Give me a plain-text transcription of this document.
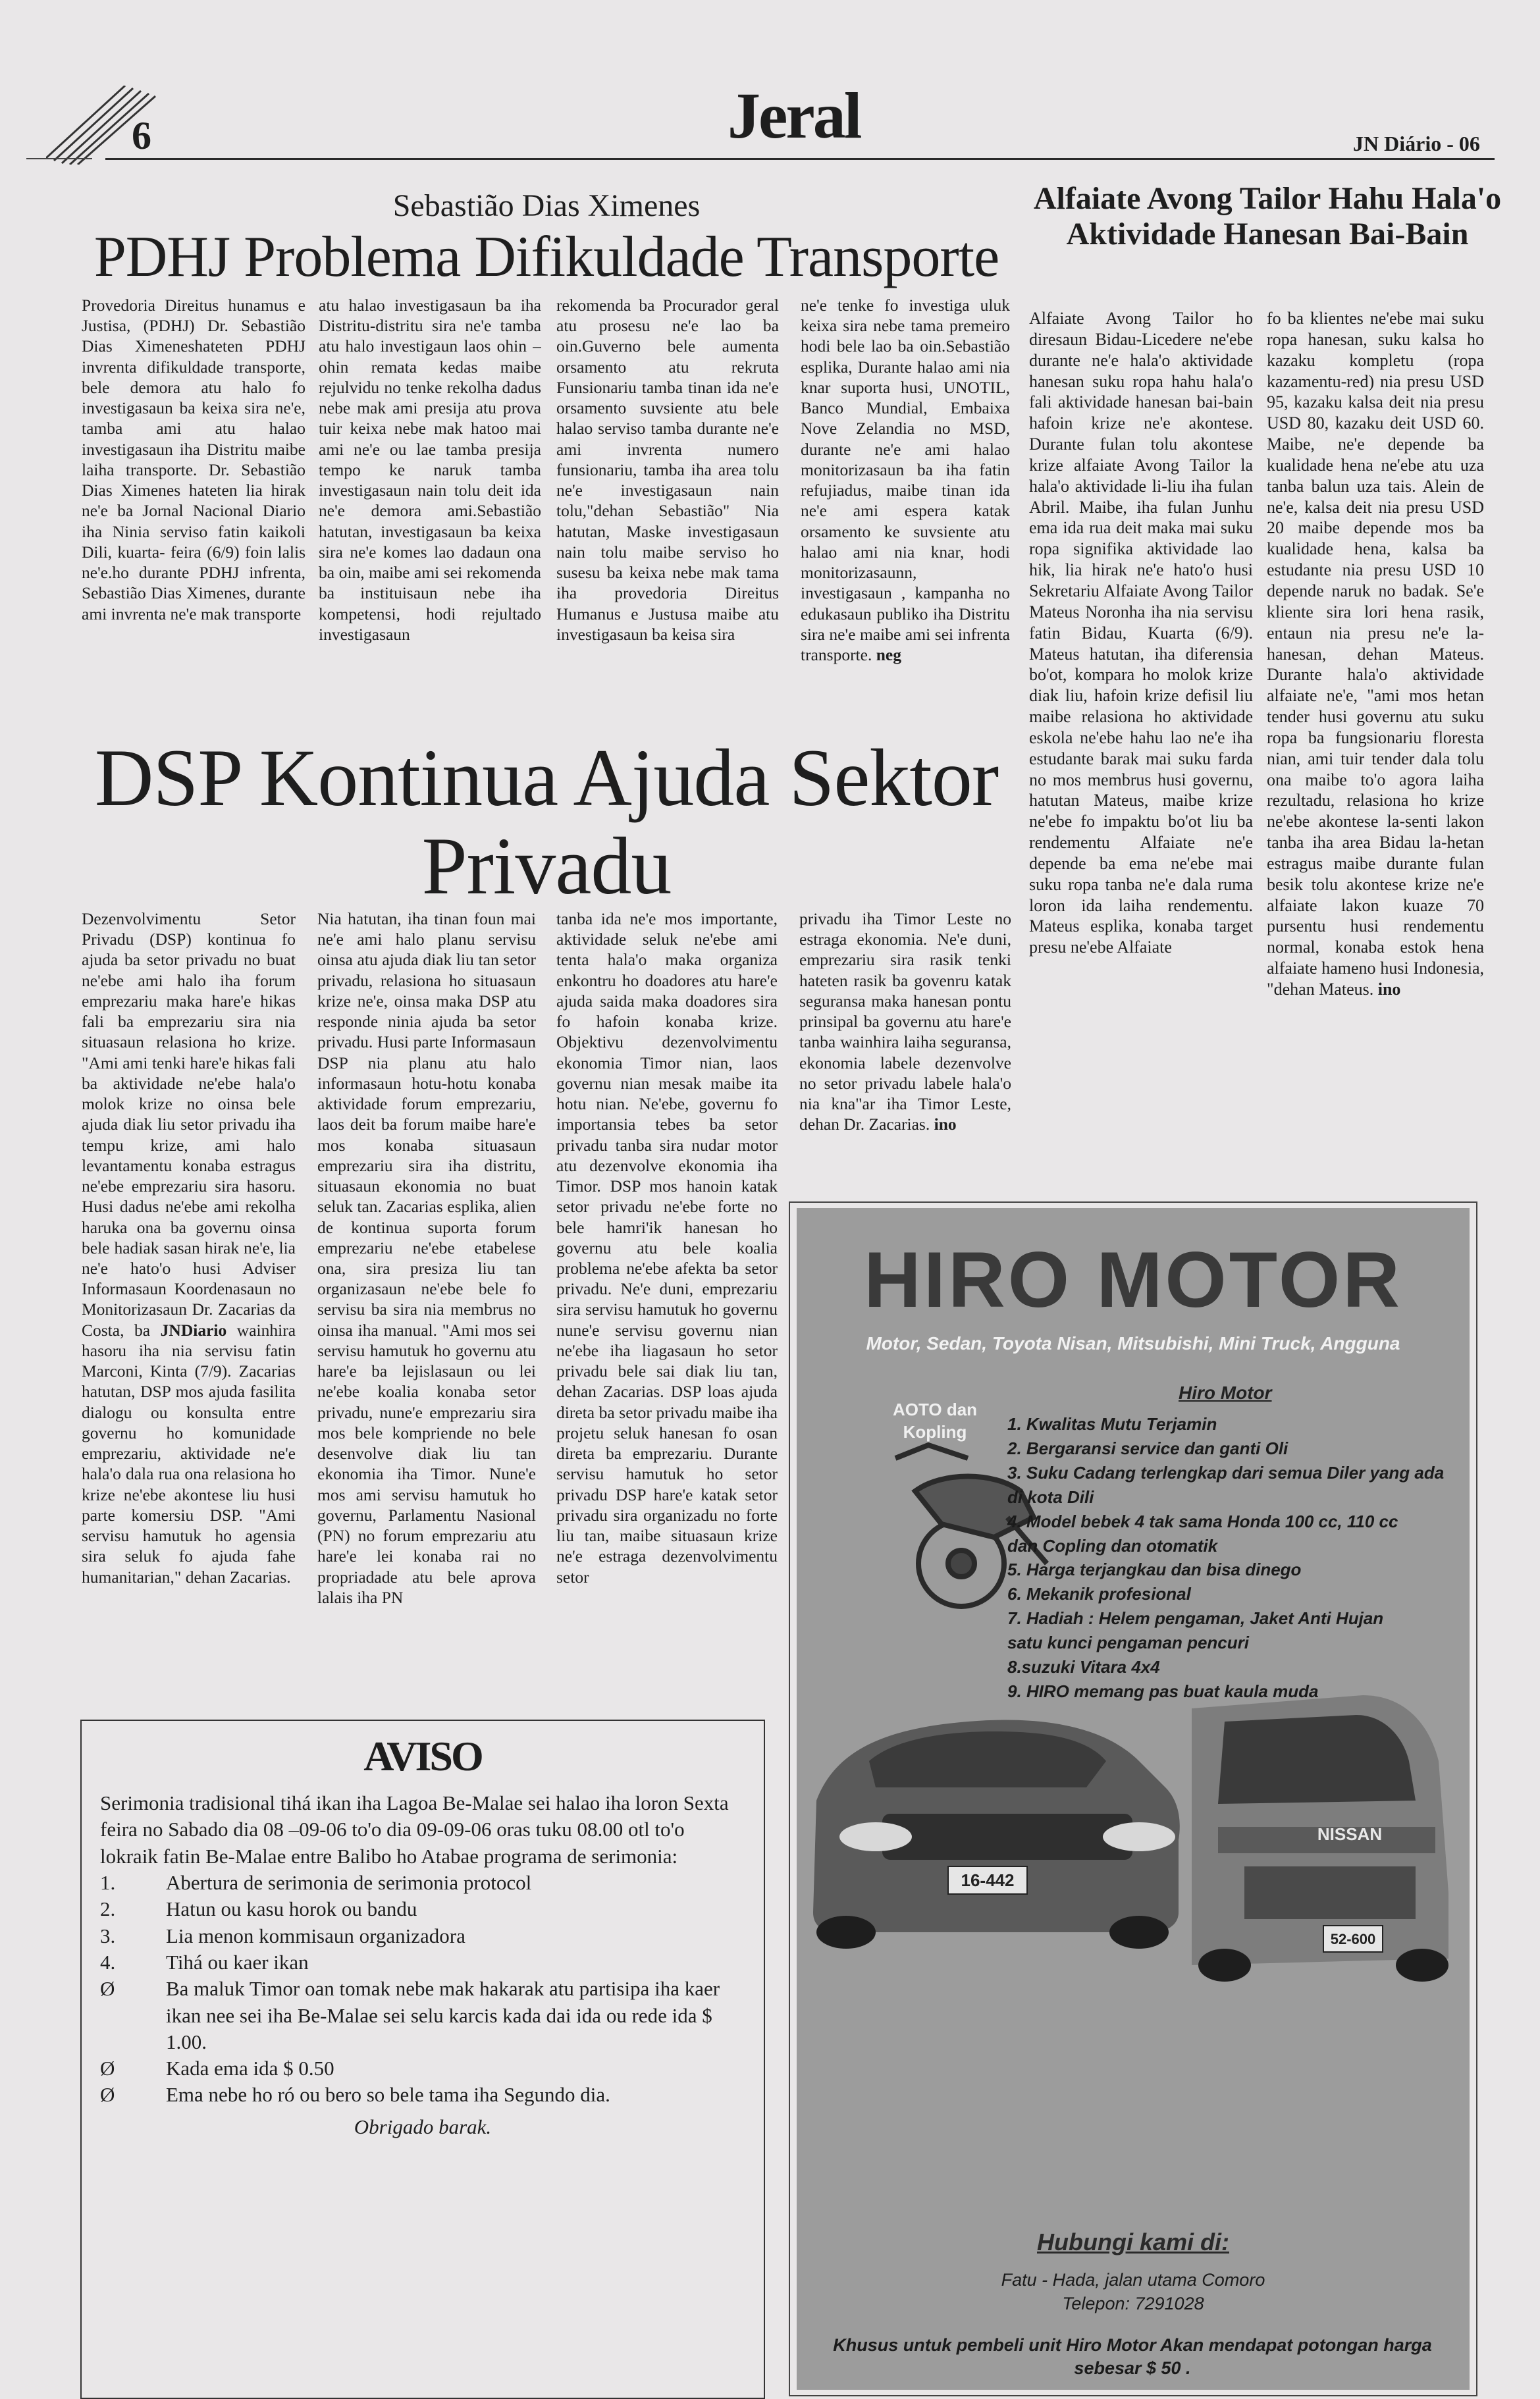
6	Jeral	JN Diário - 06
Sebastião Dias Ximenes
PDHJ Problema Difikuldade Transporte

Provedoria Direitus hunamus e Justisa, (PDHJ) Dr. Sebastião Dias Ximeneshateten PDHJ invrenta difikuldade transporte, bele demora atu halo fo investigasaun ba keixa sira ne'e, tamba ami atu halao investigasaun iha Distritu maibe laiha transporte. Dr. Sebastião Dias Ximenes hateten lia hirak ne'e ba Jornal Nacional Diario iha Ninia serviso fatin kaikoli Dili, kuarta- feira (6/9) foin lalis ne'e.ho durante PDHJ infrenta, Sebastião Dias Ximenes, durante ami invrenta ne'e mak transporte

atu halao investigasaun ba iha Distritu-distritu sira ne'e tamba atu halo investigaun laos ohin – ohin remata kedas maibe rejulvidu no tenke rekolha dadus nebe mak ami presija atu prova tuir keixa nebe mak hatoo mai ami ne'e ou lae tamba presija tempo ke naruk tamba investigasaun nain tolu deit ida ne'e demora ami.Sebastião hatutan, investigasaun ba keixa sira ne'e komes lao dadaun ona ba oin, maibe ami sei rekomenda ba instituisaun nebe iha kompetensi, hodi rejultado investigasaun

rekomenda ba Procurador geral atu prosesu ne'e lao ba oin.Guverno bele aumenta orsamento atu rekruta Funsionariu tamba tinan ida ne'e orsamento suvsiente atu bele halao serviso tamba durante ne'e ami invrenta numero funsionariu, tamba iha area tolu ne'e investigasaun nain tolu,"dehan Sebastião" Nia hatutan, Maske investigasaun nain tolu maibe serviso ho susesu ba keixa nebe mak tama iha provedoria Direitus Humanus e Justusa maibe atu investigasaun ba keisa sira

ne'e tenke fo investiga uluk keixa sira nebe tama premeiro hodi bele lao ba oin.Sebastião esplika, Durante halao ami nia knar suporta husi, UNOTIL, Banco Mundial, Embaixa Nove Zelandia no MSD, durante ne'e ami halao monitorizasaun ba iha fatin refujiadus, maibe tinan ida ne'e ami espera katak orsamento ke suvsiente atu halao ami nia knar, hodi monitorizasaunn, investigasaun , kampanha no edukasaun publiko iha Distritu sira ne'e maibe ami sei infrenta transporte. neg

Alfaiate Avong Tailor Hahu Hala'o Aktividade Hanesan Bai-Bain

Alfaiate Avong Tailor ho diresaun Bidau-Licedere ne'ebe durante ne'e hala'o aktividade hanesan suku ropa hahu hala'o fali aktividade hanesan bai-bain hafoin krize ne'e akontese. Durante fulan tolu akontese krize alfaiate Avong Tailor la hala'o aktividade li-liu iha fulan Abril. Maibe, iha fulan Junhu ema ida rua deit maka mai suku ropa signifika aktividade lao hik, lia hirak ne'e hato'o husi Sekretariu Alfaiate Avong Tailor Mateus Noronha iha nia servisu fatin Bidau, Kuarta (6/9). Mateus hatutan, iha diferensia bo'ot, kompara ho molok krize diak liu, hafoin krize defisil liu maibe relasiona ho aktividade eskola ne'ebe hahu lao ne'e iha estudante barak mai suku farda no mos membrus husi governu, hatutan Mateus, maibe krize ne'ebe fo impaktu bo'ot liu ba rendementu Alfaiate ne'e depende ba ema ne'ebe mai suku ropa tanba ne'e dala ruma loron ida laiha rendementu. Mateus esplika, konaba target presu ne'ebe Alfaiate

fo ba klientes ne'ebe mai suku ropa hanesan, suku kalsa ho kazaku kompletu (ropa kazamentu-red) nia presu USD 95, kazaku kalsa deit nia presu USD 80, kazaku deit USD 60. Maibe, ne'e depende ba kualidade hena ne'ebe atu uza tanba balun uza tais. Alein de ne'e, kalsa deit nia presu USD 20 maibe depende mos ba kualidade hena, kalsa ba estudante nia presu USD 10 depende naruk no badak. Se'e kliente sira lori hena rasik, entaun nia presu ne'e la-hanesan, dehan Mateus. Durante hala'o aktividade alfaiate ne'e, "ami mos hetan tender husi governu atu suku ropa ba fungsionariu floresta nian, ami tuir tender dala tolu ona maibe to'o agora laiha rezultadu, relasiona ho krize ne'ebe akontese la-senti lakon tanba iha area Bidau la-hetan estragus maibe durante fulan besik tolu akontese krize ne'e alfaiate lakon kuaze 70 pursentu husi rendementu normal, konaba estok hena alfaiate hameno husi Indonesia, "dehan Mateus. ino

DSP Kontinua Ajuda Sektor
Privadu

Dezenvolvimentu Setor Privadu (DSP) kontinua fo ajuda ba setor privadu no buat ne'ebe ami halo iha forum emprezariu maka hare'e hikas fali ba emprezariu sira nia situasaun relasiona ho krize. "Ami ami tenki hare'e hikas fali ba aktividade ne'ebe hala'o molok krize no oinsa bele ajuda diak liu setor privadu iha tempu krize, ami halo levantamentu konaba estragus ne'ebe emprezariu sira hasoru. Husi dadus ne'ebe ami rekolha haruka ona ba governu oinsa bele hadiak sasan hirak ne'e, lia ne'e hato'o husi Adviser Informasaun Koordenasaun no Monitorizasaun Dr. Zacarias da Costa, ba JNDiario wainhira hasoru iha nia servisu fatin Marconi, Kinta (7/9). Zacarias hatutan, DSP mos ajuda fasilita dialogu ou konsulta entre governu ho komunidade emprezariu, aktividade ne'e hala'o dala rua ona relasiona ho krize ne'ebe akontese liu husi parte komersiu DSP. "Ami servisu hamutuk ho agensia sira seluk fo ajuda fahe humanitarian," dehan Zacarias.

Nia hatutan, iha tinan foun mai ne'e ami halo planu servisu oinsa atu ajuda diak liu tan setor privadu, relasiona ho situasaun krize ne'e, oinsa maka DSP atu responde ninia ajuda ba setor privadu. Husi parte Informasaun DSP nia planu atu halo informasaun hotu-hotu konaba aktividade forum emprezariu, laos deit ba forum maibe hare'e mos konaba situasaun emprezariu sira iha distritu, situasaun ekonomia no buat seluk tan. Zacarias esplika, alien de kontinua suporta forum emprezariu ne'ebe etabelese ona, sira presiza liu tan organizasaun ne'ebe bele fo servisu ba sira nia membrus no oinsa iha manual. "Ami mos sei servisu hamutuk ho governu atu hare'e ba lejislasaun ou lei ne'ebe koalia konaba setor privadu, nune'e emprezariu sira mos bele kompriende no bele desenvolve diak liu tan ekonomia iha Timor. Nune'e mos ami servisu hamutuk ho governu, Parlamentu Nasional (PN) no forum emprezariu atu hare'e lei konaba rai no propriadade atu bele aprova lalais iha PN

tanba ida ne'e mos importante, aktividade seluk ne'ebe ami tenta hala'o maka organiza enkontru ho doadores atu hare'e ajuda saida maka doadores sira fo hafoin konaba krize. Objektivu dezenvolvimentu ekonomia Timor nian, laos governu nian mesak maibe ita hotu nian. Ne'ebe, governu fo importansia tebes ba setor privadu tanba sira nudar motor atu dezenvolve ekonomia iha Timor. DSP mos hanoin katak setor privadu ne'ebe forte no bele hamri'ik hanesan ho governu atu bele koalia problema ne'ebe afekta ba setor privadu. Ne'e duni, emprezariu sira servisu hamutuk ho governu nune'e servisu governu nian ne'ebe iha liagasaun ho setor privadu bele sai diak liu tan, dehan Zacarias. DSP loas ajuda direta ba setor privadu maibe iha projetu seluk hanesan fo osan direta ba emprezariu. Durante servisu hamutuk ho setor privadu DSP hare'e katak setor privadu sira organizadu no forte liu tan, maibe situasaun krize ne'e estraga dezenvolvimentu setor

privadu iha Timor Leste no estraga ekonomia. Ne'e duni, emprezariu sira rasik tenki hateten rasik ba govenru katak seguransa maka hanesan pontu prinsipal ba governu atu hare'e tanba wainhira laiha seguransa, ekonomia labele dezenvolve no setor privadu labele hala'o nia kna"ar iha Timor Leste, dehan Dr. Zacarias. ino

AVISO
Serimonia tradisional tihá ikan iha Lagoa Be-Malae sei halao iha loron Sexta feira no Sabado dia 08 –09-06 to'o dia 09-09-06 oras tuku 08.00 otl to'o lokraik fatin Be-Malae entre Balibo ho Atabae programa de serimonia:
1.	Abertura de serimonia de serimonia protocol
2.	Hatun ou kasu horok ou bandu
3.	Lia menon kommisaun organizadora
4.	Tihá ou kaer ikan
Ø	Ba maluk Timor oan tomak nebe mak hakarak atu partisipa iha kaer ikan nee sei iha Be-Malae sei selu karcis kada dai ida ou rede ida $ 1.00.
Ø	Kada ema ida $ 0.50
Ø	Ema nebe ho ró ou bero so bele tama iha Segundo dia.
Obrigado barak.
16-442
NISSAN
52-600
HIRO MOTOR
Motor, Sedan, Toyota Nisan, Mitsubishi, Mini Truck, Angguna
Hiro Motor
AOTO dan Kopling	1. Kwalitas Mutu Terjamin
2. Bergaransi service dan ganti Oli
3. Suku Cadang terlengkap dari semua Diler yang ada di kota Dili
4. Model bebek 4 tak sama Honda 100 cc, 110 cc
dan Copling dan otomatik
5. Harga terjangkau dan bisa dinego
6. Mekanik profesional
7. Hadiah : Helem pengaman, Jaket Anti Hujan
satu kunci pengaman pencuri
8.suzuki Vitara 4x4
9. HIRO memang pas buat kaula muda
Hubungi kami di:
Fatu - Hada, jalan utama Comoro
Telepon: 7291028
Khusus untuk pembeli unit Hiro Motor Akan mendapat potongan harga sebesar $ 50 .
